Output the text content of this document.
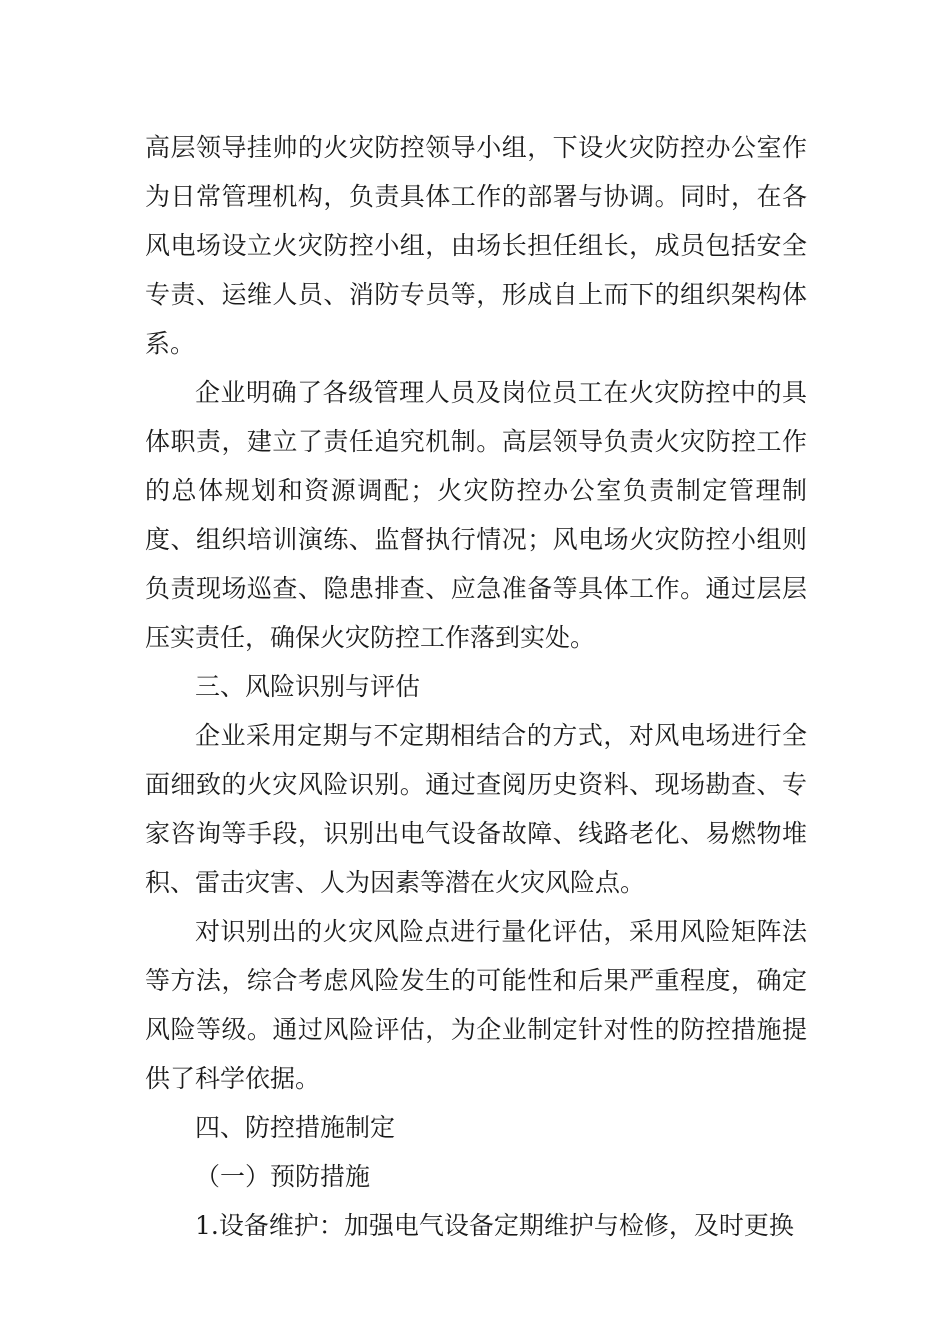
高层领导挂帅的火灾防控领导小组，下设火灾防控办公室作为日常管理机构，负责具体工作的部署与协调。同时，在各风电场设立火灾防控小组，由场长担任组长，成员包括安全专责、运维人员、消防专员等，形成自上而下的组织架构体系。

企业明确了各级管理人员及岗位员工在火灾防控中的具体职责，建立了责任追究机制。高层领导负责火灾防控工作的总体规划和资源调配；火灾防控办公室负责制定管理制度、组织培训演练、监督执行情况；风电场火灾防控小组则负责现场巡查、隐患排查、应急准备等具体工作。通过层层压实责任，确保火灾防控工作落到实处。

三、风险识别与评估

企业采用定期与不定期相结合的方式，对风电场进行全面细致的火灾风险识别。通过查阅历史资料、现场勘查、专家咨询等手段，识别出电气设备故障、线路老化、易燃物堆积、雷击灾害、人为因素等潜在火灾风险点。

对识别出的火灾风险点进行量化评估，采用风险矩阵法等方法，综合考虑风险发生的可能性和后果严重程度，确定风险等级。通过风险评估，为企业制定针对性的防控措施提供了科学依据。

四、防控措施制定

（一）预防措施

1.设备维护：加强电气设备定期维护与检修，及时更换
